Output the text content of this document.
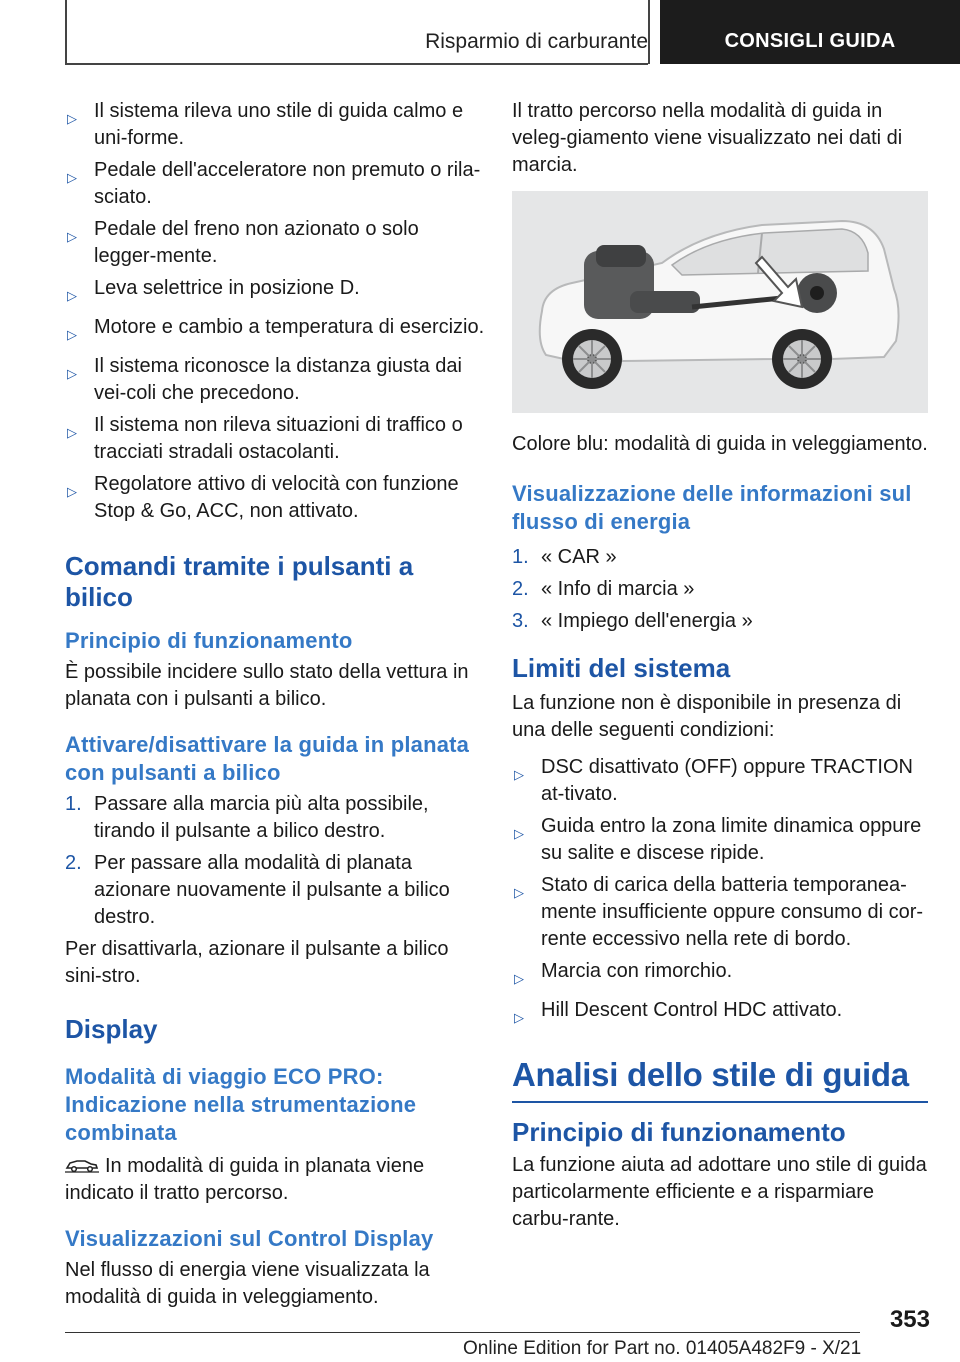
Risparmio di carburante	CONSIGLI GUIDA
▷ Il sistema rileva uno stile di guida calmo e uni-forme.
▷ Pedale dell'acceleratore non premuto o rila-sciato.
▷ Pedale del freno non azionato o solo legger-mente.
▷ Leva selettrice in posizione D.
▷ Motore e cambio a temperatura di esercizio.
▷ Il sistema riconosce la distanza giusta dai vei-coli che precedono.
▷ Il sistema non rileva situazioni di traffico o tracciati stradali ostacolanti.
▷ Regolatore attivo di velocità con funzione Stop & Go, ACC, non attivato.
Comandi tramite i pulsanti a bilico
Principio di funzionamento

È possibile incidere sullo stato della vettura in planata con i pulsanti a bilico.

Attivare/disattivare la guida in planata con pulsanti a bilico
1. Passare alla marcia più alta possibile, tirando il pulsante a bilico destro.
2. Per passare alla modalità di planata azionare nuovamente il pulsante a bilico destro.

Per disattivarla, azionare il pulsante a bilico sini-stro.

Display
Modalità di viaggio ECO PRO: Indicazione nella strumentazione combinata

In modalità di guida in planata viene indicato il tratto percorso.

Visualizzazioni sul Control Display

Nel flusso di energia viene visualizzata la modalità di guida in veleggiamento.

Il tratto percorso nella modalità di guida in veleg-giamento viene visualizzato nei dati di marcia.

Colore blu: modalità di guida in veleggiamento.

Visualizzazione delle informazioni sul flusso di energia
1. « CAR »
2. « Info di marcia »
3. « Impiego dell'energia »
Limiti del sistema

La funzione non è disponibile in presenza di una delle seguenti condizioni:

▷ DSC disattivato (OFF) oppure TRACTION at-tivato.
▷ Guida entro la zona limite dinamica oppure su salite e discese ripide.
▷ Stato di carica della batteria temporanea-mente insufficiente oppure consumo di cor-rente eccessivo nella rete di bordo.
▷ Marcia con rimorchio.
▷ Hill Descent Control HDC attivato.
Analisi dello stile di guida
Principio di funzionamento

La funzione aiuta ad adottare uno stile di guida particolarmente efficiente e a risparmiare carbu-rante.

353
Online Edition for Part no. 01405A482F9 - X/21
